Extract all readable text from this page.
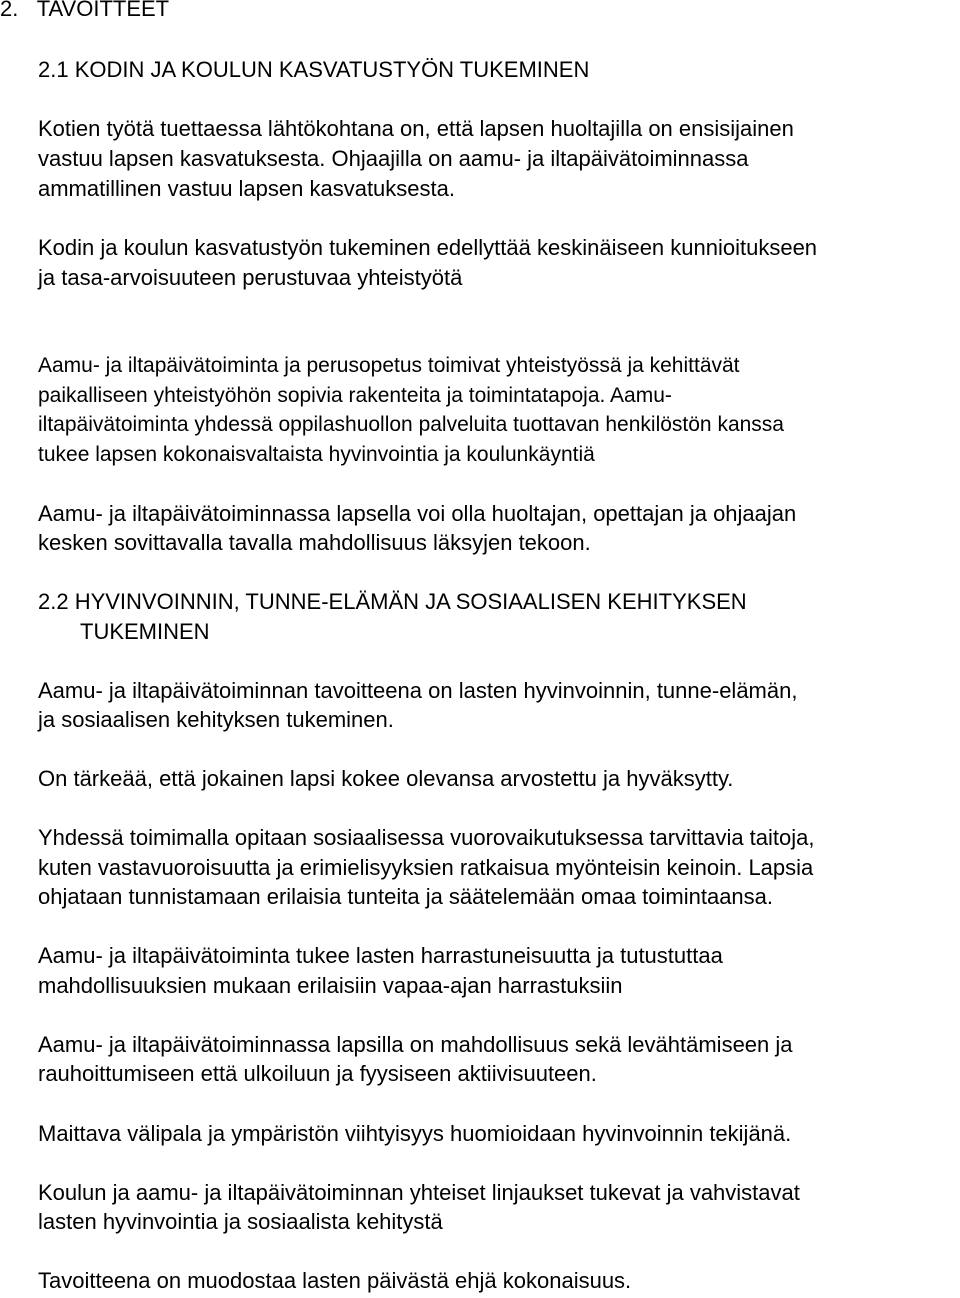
2. TAVOITTEET
2.1 KODIN JA KOULUN KASVATUSTYÖN TUKEMINEN
Kotien työtä tuettaessa lähtökohtana on, että lapsen huoltajilla on ensisijainen
vastuu lapsen kasvatuksesta. Ohjaajilla on aamu- ja iltapäivätoiminnassa
ammatillinen vastuu lapsen kasvatuksesta.
Kodin ja koulun kasvatustyön tukeminen edellyttää keskinäiseen kunnioitukseen
ja tasa-arvoisuuteen perustuvaa yhteistyötä
Aamu- ja iltapäivätoiminta ja perusopetus toimivat yhteistyössä ja kehittävät
paikalliseen yhteistyöhön sopivia rakenteita ja toimintatapoja. Aamu-
iltapäivätoiminta yhdessä oppilashuollon palveluita tuottavan henkilöstön kanssa
tukee lapsen kokonaisvaltaista hyvinvointia ja koulunkäyntiä
Aamu- ja iltapäivätoiminnassa lapsella voi olla huoltajan, opettajan ja ohjaajan
kesken sovittavalla tavalla mahdollisuus läksyjen tekoon.
2.2 HYVINVOINNIN, TUNNE-ELÄMÄN JA SOSIAALISEN KEHITYKSEN
TUKEMINEN
Aamu- ja iltapäivätoiminnan tavoitteena on lasten hyvinvoinnin, tunne-elämän,
ja sosiaalisen kehityksen tukeminen.
On tärkeää, että jokainen lapsi kokee olevansa arvostettu ja hyväksytty.
Yhdessä toimimalla opitaan sosiaalisessa vuorovaikutuksessa tarvittavia taitoja,
kuten vastavuoroisuutta ja erimielisyyksien ratkaisua myönteisin keinoin. Lapsia
ohjataan tunnistamaan erilaisia tunteita ja säätelemään omaa toimintaansa.
Aamu- ja iltapäivätoiminta tukee lasten harrastuneisuutta ja tutustuttaa
mahdollisuuksien mukaan erilaisiin vapaa-ajan harrastuksiin
Aamu- ja iltapäivätoiminnassa lapsilla on mahdollisuus sekä levähtämiseen ja
rauhoittumiseen että ulkoiluun ja fyysiseen aktiivisuuteen.
Maittava välipala ja ympäristön viihtyisyys huomioidaan hyvinvoinnin tekijänä.
Koulun ja aamu- ja iltapäivätoiminnan yhteiset linjaukset tukevat ja vahvistavat
lasten hyvinvointia ja sosiaalista kehitystä
Tavoitteena on muodostaa lasten päivästä ehjä kokonaisuus.
